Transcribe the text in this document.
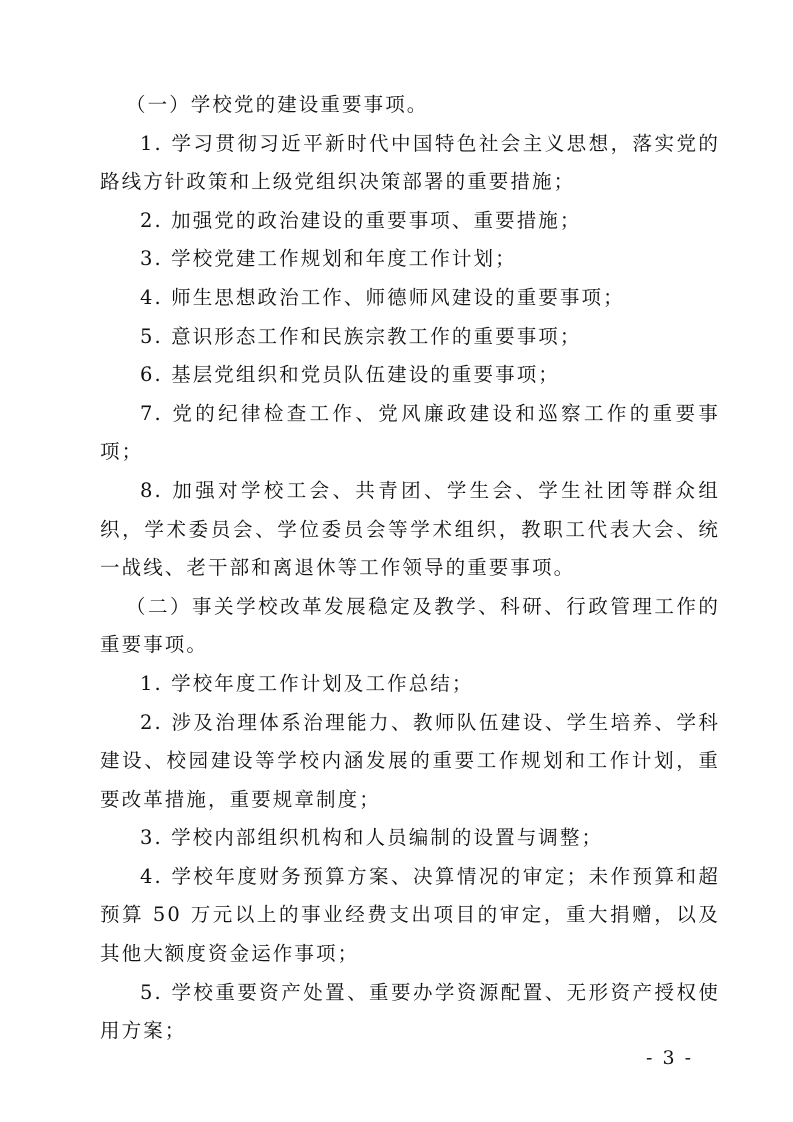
（一）学校党的建设重要事项。

1. 学习贯彻习近平新时代中国特色社会主义思想，落实党的路线方针政策和上级党组织决策部署的重要措施；

2. 加强党的政治建设的重要事项、重要措施；

3. 学校党建工作规划和年度工作计划；

4. 师生思想政治工作、师德师风建设的重要事项；

5. 意识形态工作和民族宗教工作的重要事项；

6. 基层党组织和党员队伍建设的重要事项；

7. 党的纪律检查工作、党风廉政建设和巡察工作的重要事项；

8. 加强对学校工会、共青团、学生会、学生社团等群众组织，学术委员会、学位委员会等学术组织，教职工代表大会、统一战线、老干部和离退休等工作领导的重要事项。

（二）事关学校改革发展稳定及教学、科研、行政管理工作的重要事项。

1. 学校年度工作计划及工作总结；

2. 涉及治理体系治理能力、教师队伍建设、学生培养、学科建设、校园建设等学校内涵发展的重要工作规划和工作计划，重要改革措施，重要规章制度；

3. 学校内部组织机构和人员编制的设置与调整；

4. 学校年度财务预算方案、决算情况的审定；未作预算和超预算 50 万元以上的事业经费支出项目的审定，重大捐赠，以及其他大额度资金运作事项；

5. 学校重要资产处置、重要办学资源配置、无形资产授权使用方案；

- 3 -
